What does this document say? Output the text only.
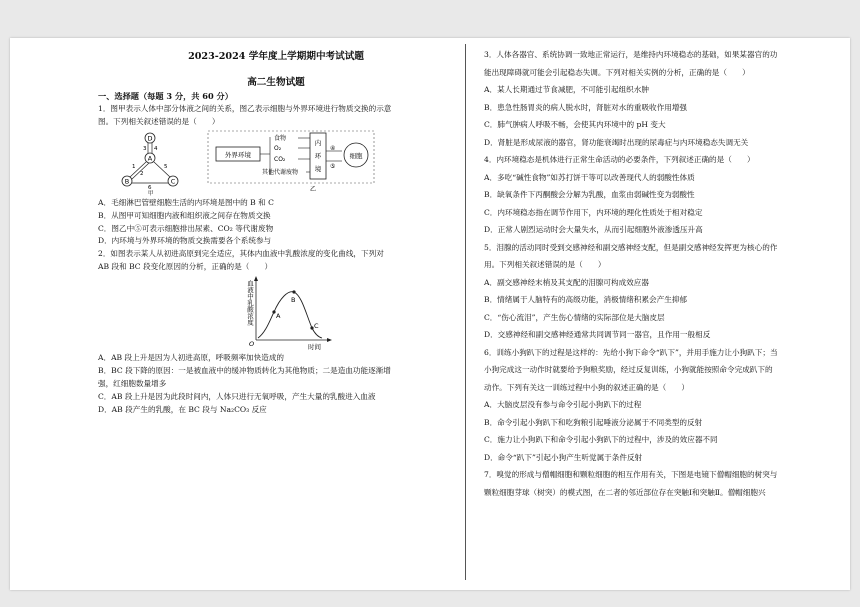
2023-2024 学年度上学期期中考试试题

高二生物试题

一、选择题（每题 3 分，共 60 分）

1．图甲表示人体中部分体液之间的关系，图乙表示细胞与外界环境进行物质交换的示意

图。下列相关叙述错误的是（　　）

D
A
B	C
3 4
1
2
5
6
甲
外界环境
食物
O₂
CO₂
其他代谢废物
内
环
境
④
⑤
细胞
乙

A．毛细淋巴管壁细胞生活的内环境是图中的 B 和 C

B．从图甲可知细胞内液和组织液之间存在物质交换

C．图乙中⑤可表示细胞排出尿素、CO₂ 等代谢废物

D．内环境与外界环境的物质交换需要各个系统参与

2．如图表示某人从初进高原到完全适应，其体内血液中乳酸浓度的变化曲线，下列对

AB 段和 BC 段变化原因的分析，正确的是（　　）

血液中乳酸浓度
O	时间
A
B
C

A．AB 段上升是因为人初进高原，呼吸频率加快造成的

B．BC 段下降的原因：一是被血液中的缓冲物质转化为其他物质；二是造血功能逐渐增

强，红细胞数量增多

C．AB 段上升是因为此段时间内，人体只进行无氧呼吸，产生大量的乳酸进入血液

D．AB 段产生的乳酸，在 BC 段与 Na₂CO₃ 反应

3．人体各器官、系统协调一致地正常运行，是维持内环境稳态的基础，如果某器官的功

能出现障碍就可能会引起稳态失调。下列对相关实例的分析，正确的是（　　）

A．某人长期通过节食减肥，不可能引起组织水肿

B．患急性肠胃炎的病人脱水时，肾脏对水的重吸收作用增强

C．肺气肿病人呼吸不畅，会使其内环境中的 pH 变大

D．肾脏是形成尿液的器官，肾功能衰竭时出现的尿毒症与内环境稳态失调无关

4．内环境稳态是机体进行正常生命活动的必要条件，下列叙述正确的是（　　）

A．多吃“碱性食物”如苏打饼干等可以改善现代人的弱酸性体质

B．缺氧条件下丙酮酸会分解为乳酸，血浆由弱碱性变为弱酸性

C．内环境稳态指在调节作用下，内环境的理化性质处于相对稳定

D．正常人剧烈运动时会大量失水，从而引起细胞外液渗透压升高

5．泪腺的活动同时受到交感神经和副交感神经支配，但是副交感神经发挥更为核心的作

用。下列相关叙述错误的是（　　）

A．副交感神经末梢及其支配的泪腺可构成效应器

B．情绪属于人脑特有的高级功能，消极情绪积累会产生抑郁

C．“伤心流泪”，产生伤心情绪的实际部位是大脑皮层

D．交感神经和副交感神经通常共同调节同一器官，且作用一般相反

6．训练小狗趴下的过程是这样的：先给小狗下命令“趴下”，并用手施力让小狗趴下；当

小狗完成这一动作时就要给予狗粮奖励，经过反复训练，小狗就能按照命令完成趴下的

动作。下列有关这一训练过程中小狗的叙述正确的是（　　）

A．大脑皮层没有参与命令引起小狗趴下的过程

B．命令引起小狗趴下和吃狗粮引起唾液分泌属于不同类型的反射

C．施力让小狗趴下和命令引起小狗趴下的过程中，涉及的效应器不同

D．命令“趴下”引起小狗产生听觉属于条件反射

7．嗅觉的形成与僧帽细胞和颗粒细胞的相互作用有关，下图是电镜下僧帽细胞的树突与

颗粒细胞芽球（树突）的模式图，在二者的邻近部位存在突触Ⅰ和突触Ⅱ。僧帽细胞兴
